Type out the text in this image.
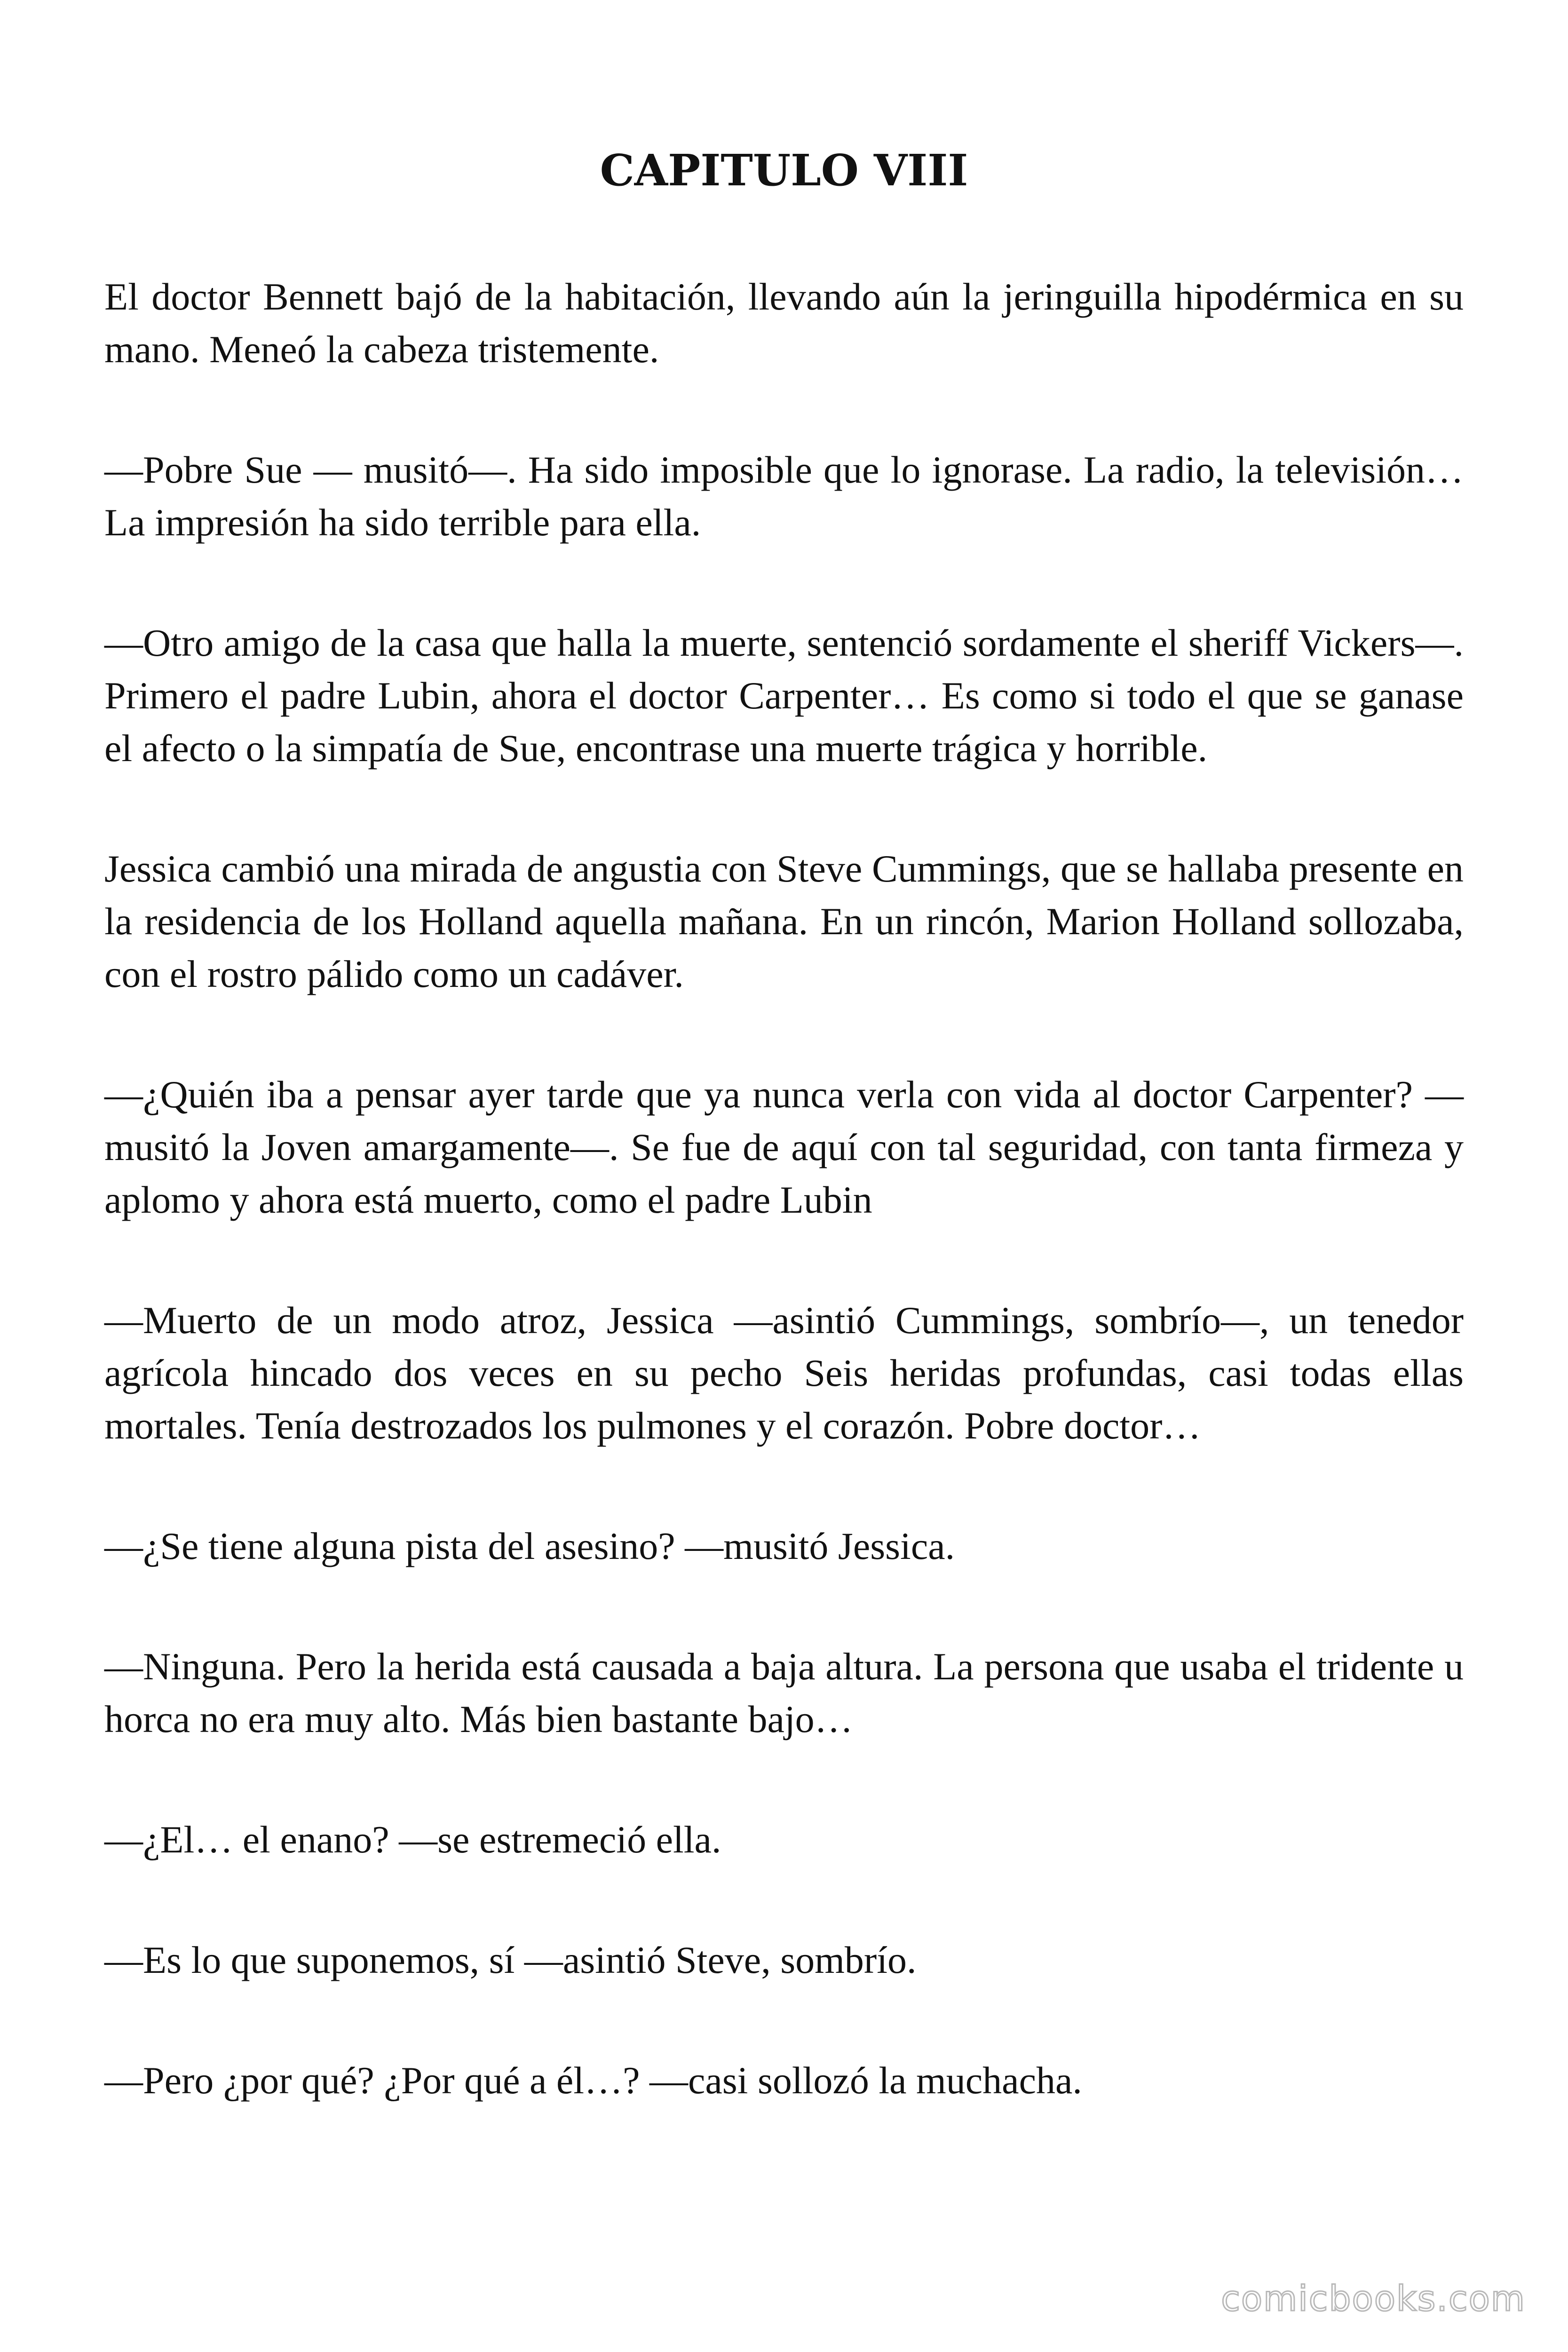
CAPITULO VIII

El doctor Bennett bajó de la habitación, llevando aún la jeringuilla hipodérmica en su mano. Meneó la cabeza tristemente.

—Pobre Sue — musitó—. Ha sido imposible que lo ignorase. La radio, la televisión… La impresión ha sido terrible para ella.

—Otro amigo de la casa que halla la muerte, sentenció sordamente el sheriff Vickers—. Primero el padre Lubin, ahora el doctor Carpenter… Es como si todo el que se ganase el afecto o la simpatía de Sue, encontrase una muerte trágica y horrible.

Jessica cambió una mirada de angustia con Steve Cummings, que se hallaba presente en la residencia de los Holland aquella mañana. En un rincón, Marion Holland sollozaba, con el rostro pálido como un cadáver.

—¿Quién iba a pensar ayer tarde que ya nunca verla con vida al doctor Carpenter? —musitó la Joven amargamente—. Se fue de aquí con tal seguridad, con tanta firmeza y aplomo y ahora está muerto, como el padre Lubin

—Muerto de un modo atroz, Jessica —asintió Cummings, sombrío—, un tenedor agrícola hincado dos veces en su pecho Seis heridas profundas, casi todas ellas mortales. Tenía destrozados los pulmones y el corazón. Pobre doctor…

—¿Se tiene alguna pista del asesino? —musitó Jessica.

—Ninguna. Pero la herida está causada a baja altura. La persona que usaba el tridente u horca no era muy alto. Más bien bastante bajo…

—¿El… el enano? —se estremeció ella.

—Es lo que suponemos, sí —asintió Steve, sombrío.

—Pero ¿por qué? ¿Por qué a él…? —casi sollozó la muchacha.

comicbooks.com
